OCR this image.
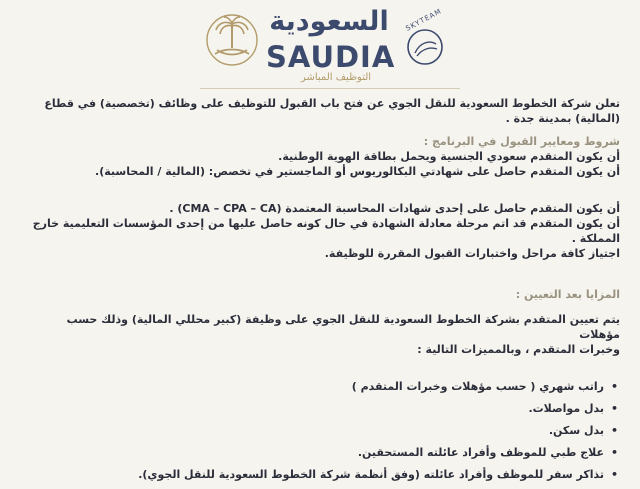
السعودية
SAUDIA
SKYTEAM
التوظيف المباشر

تعلن شركة الخطوط السعودية للنقل الجوي عن فتح باب القبول للتوظيف على وظائف (تخصصية) في قطاع
(المالية) بمدينة جدة .

شروط ومعايير القبول في البرنامج :

أن يكون المتقدم سعودي الجنسية ويحمل بطاقة الهوية الوطنية.

أن يكون المتقدم حاصل على شهادتي البكالوريوس أو الماجستير في تخصص: (المالية / المحاسبة).

أن يكون المتقدم حاصل على إحدى شهادات المحاسبة المعتمدة (CMA – CPA – CA) .

أن يكون المتقدم قد اتم مرحلة معادلة الشهادة في حال كونه حاصل عليها من إحدى المؤسسات التعليمية خارج المملكة .

اجتياز كافة مراحل واختبارات القبول المقررة للوظيفة.

المزايا بعد التعيين :

يتم تعيين المتقدم بشركة الخطوط السعودية للنقل الجوي على وظيفة (كبير محللي المالية) وذلك حسب مؤهلات

وخبرات المتقدم ، وبالمميزات التالية :

• راتب شهري ( حسب مؤهلات وخبرات المتقدم )
• بدل مواصلات.
• بدل سكن.
• علاج طبي للموظف وأفراد عائلته المستحقين.
• تذاكر سفر للموظف وأفراد عائلته (وفق أنظمة شركة الخطوط السعودية للنقل الجوي).
